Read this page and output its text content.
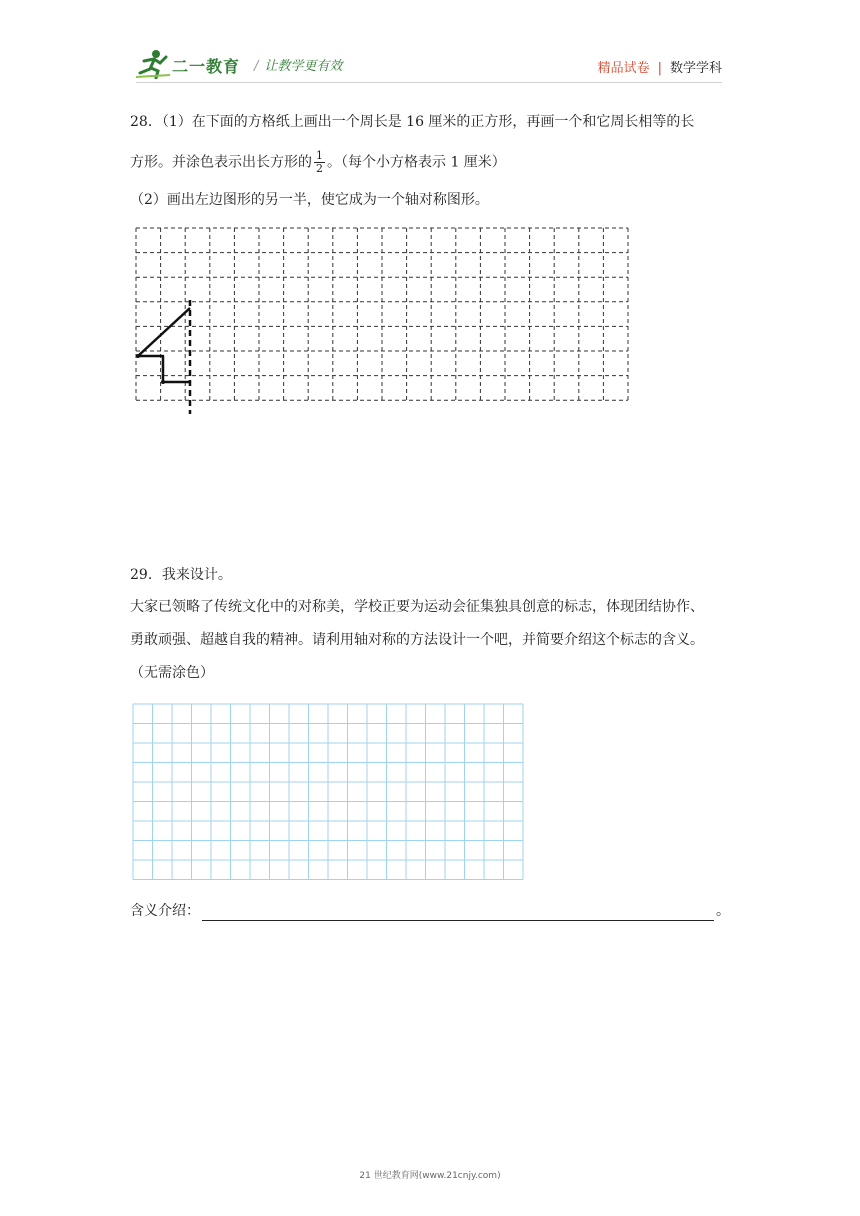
二一教育 / 让教学更有效	精品试卷 | 数学学科
28．（1）在下面的方格纸上画出一个周长是 16 厘米的正方形，再画一个和它周长相等的长
方形。并涂色表示出长方形的 $\frac{1}{2}$ 。（每个小方格表示 1 厘米）
（2）画出左边图形的另一半，使它成为一个轴对称图形。
29．我来设计。
大家已领略了传统文化中的对称美，学校正要为运动会征集独具创意的标志，体现团结协作、
勇敢顽强、超越自我的精神。请利用轴对称的方法设计一个吧，并简要介绍这个标志的含义。
（无需涂色）
含义介绍：	。
21 世纪教育网(www.21cnjy.com)
